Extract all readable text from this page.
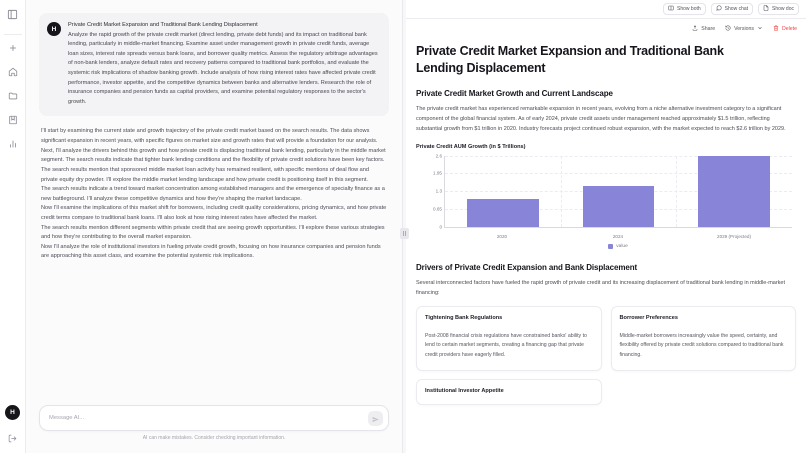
H
H
Private Credit Market Expansion and Traditional Bank Lending Displacement
Analyze the rapid growth of the private credit market (direct lending, private debt funds) and its impact on traditional bank lending, particularly in middle-market financing. Examine asset under management growth in private credit funds, average loan sizes, interest rate spreads versus bank loans, and borrower quality metrics. Assess the regulatory arbitrage advantages of non-bank lenders, analyze default rates and recovery patterns compared to traditional bank portfolios, and evaluate the systemic risk implications of shadow banking growth. Include analysis of how rising interest rates have affected private credit performance, investor appetite, and the competitive dynamics between banks and alternative lenders. Research the role of insurance companies and pension funds as capital providers, and examine potential regulatory responses to the sector's growth.
I'll start by examining the current state and growth trajectory of the private credit market based on the search results. The data shows significant expansion in recent years, with specific figures on market size and growth rates that will provide a foundation for our analysis.
Next, I'll analyze the drivers behind this growth and how private credit is displacing traditional bank lending, particularly in the middle market segment. The search results indicate that tighter bank lending conditions and the flexibility of private credit solutions have been key factors.
The search results mention that sponsored middle market loan activity has remained resilient, with specific mentions of deal flow and private equity dry powder. I'll explore the middle market lending landscape and how private credit is positioning itself in this segment.
The search results indicate a trend toward market concentration among established managers and the emergence of specialty finance as a new battleground. I'll analyze these competitive dynamics and how they're shaping the market landscape.
Now I'll examine the implications of this market shift for borrowers, including credit quality considerations, pricing dynamics, and how private credit terms compare to traditional bank loans. I'll also look at how rising interest rates have affected the market.
The search results mention different segments within private credit that are seeing growth opportunities. I'll explore these various strategies and how they're contributing to the overall market expansion.
Now I'll analyze the role of institutional investors in fueling private credit growth, focusing on how insurance companies and pension funds are approaching this asset class, and examine the potential systemic risk implications.
Message AI...
AI can make mistakes. Consider checking important information.
Show both	Show chat	Show doc
Share	Versions	Delete
Private Credit Market Expansion and Traditional Bank Lending Displacement
Private Credit Market Growth and Current Landscape
The private credit market has experienced remarkable expansion in recent years, evolving from a niche alternative investment category to a significant component of the global financial system. As of early 2024, private credit assets under management reached approximately $1.5 trillion, reflecting substantial growth from $1 trillion in 2020. Industry forecasts project continued robust expansion, with the market expected to reach $2.6 trillion by 2029.
Private Credit AUM Growth (in $ Trillions)
2.6
1.95
1.3
0.65
0
2020	2024	2029 (Projected)
value
Drivers of Private Credit Expansion and Bank Displacement
Several interconnected factors have fueled the rapid growth of private credit and its increasing displacement of traditional bank lending in middle-market financing:
Tightening Bank Regulations
Post-2008 financial crisis regulations have constrained banks' ability to lend to certain market segments, creating a financing gap that private credit providers have eagerly filled.
Borrower Preferences
Middle-market borrowers increasingly value the speed, certainty, and flexibility offered by private credit solutions compared to traditional bank financing.
Institutional Investor Appetite
